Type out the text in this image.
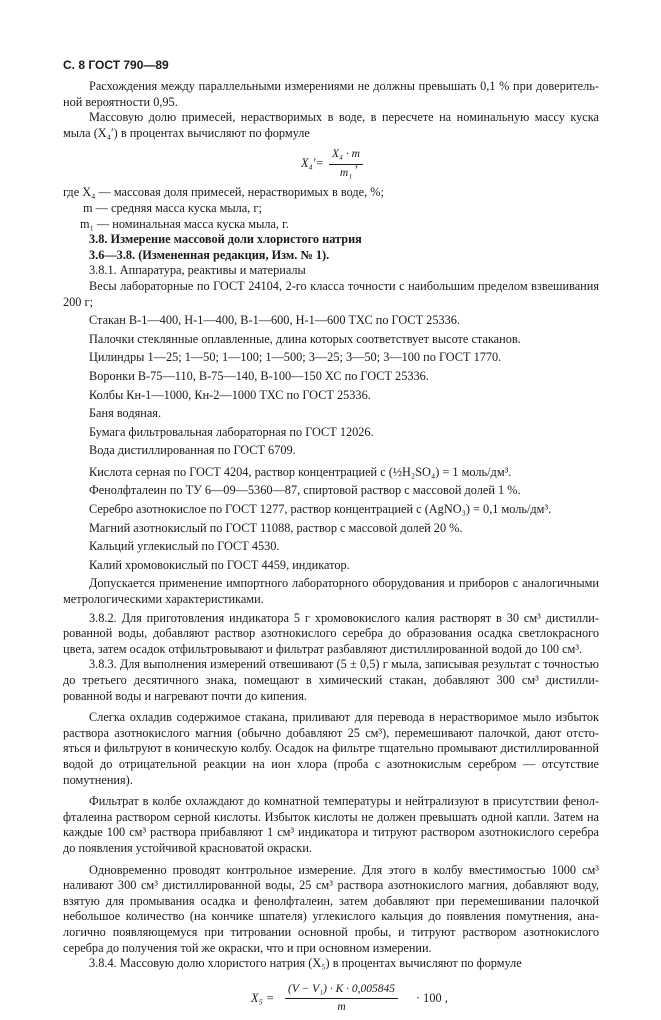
С. 8 ГОСТ 790—89

Расхождения между параллельными измерениями не должны превышать 0,1 % при доверительной вероятности 0,95.

Массовую долю примесей, нерастворимых в воде, в пересчете на номинальную массу куска мыла (X₄′) в процентах вычисляют по формуле

$X_4'= \frac{\text{X₄ · m}}{\text{m₁}}$
,

где X₄ — массовая доля примесей, нерастворимых в воде, %;

m — средняя масса куска мыла, г;

m₁ — номинальная масса куска мыла, г.

3.8. Измерение массовой доли хлористого натрия

3.6—3.8. (Измененная редакция, Изм. № 1).

3.8.1. Аппаратура, реактивы и материалы

Весы лабораторные по ГОСТ 24104, 2-го класса точности с наибольшим пределом взвешивания 200 г;

Стакан В-1—400, Н-1—400, В-1—600, Н-1—600 ТХС по ГОСТ 25336.

Палочки стеклянные оплавленные, длина которых соответствует высоте стаканов.

Цилиндры 1—25; 1—50; 1—100; 1—500; 3—25; 3—50; 3—100 по ГОСТ 1770.

Воронки В-75—110, В-75—140, В-100—150 ХС по ГОСТ 25336.

Колбы Кн-1—1000, Кн-2—1000 ТХС по ГОСТ 25336.

Баня водяная.

Бумага фильтровальная лабораторная по ГОСТ 12026.

Вода дистиллированная по ГОСТ 6709.

Кислота серная по ГОСТ 4204, раствор концентрацией с (½H₂SO₄) = 1 моль/дм³.

Фенолфталеин по ТУ 6—09—5360—87, спиртовой раствор с массовой долей 1 %.

Серебро азотнокислое по ГОСТ 1277, раствор концентрацией с (AgNO₃) = 0,1 моль/дм³.

Магний азотнокислый по ГОСТ 11088, раствор с массовой долей 20 %.

Кальций углекислый по ГОСТ 4530.

Калий хромовокислый по ГОСТ 4459, индикатор.

Допускается применение импортного лабораторного оборудования и приборов с аналогичными метрологическими характеристиками.

3.8.2. Для приготовления индикатора 5 г хромовокислого калия растворят в 30 см³ дистиллированной воды, добавляют раствор азотнокислого серебра до образования осадка светлокрасного цвета, затем осадок отфильтровывают и фильтрат разбавляют дистиллированной водой до 100 см³.

3.8.3. Для выполнения измерений отвешивают (5 ± 0,5) г мыла, записывая результат с точностью до третьего десятичного знака, помещают в химический стакан, добавляют 300 см³ дистиллированной воды и нагревают почти до кипения.

Слегка охладив содержимое стакана, приливают для перевода в нерастворимое мыло избыток раствора азотнокислого магния (обычно добавляют 25 см³), перемешивают палочкой, дают отстояться и фильтруют в коническую колбу. Осадок на фильтре тщательно промывают дистиллированной водой до отрицательной реакции на ион хлора (проба с азотнокислым серебром — отсутствие помутнения).

Фильтрат в колбе охлаждают до комнатной температуры и нейтрализуют в присутствии фенолфталеина раствором серной кислоты. Избыток кислоты не должен превышать одной капли. Затем на каждые 100 см³ раствора прибавляют 1 см³ индикатора и титруют раствором азотнокислого серебра до появления устойчивой красноватой окраски.

Одновременно проводят контрольное измерение. Для этого в колбу вместимостью 1000 см³ наливают 300 см³ дистиллированной воды, 25 см³ раствора азотнокислого магния, добавляют воду, взятую для промывания осадка и фенолфталеин, затем добавляют при перемешивании палочкой небольшое количество (на кончике шпателя) углекислого кальция до появления помутнения, аналогично появляющемуся при титровании основной пробы, и титруют раствором азотнокислого серебра до получения той же окраски, что и при основном измерении.

3.8.4. Массовую долю хлористого натрия (X₅) в процентах вычисляют по формуле

$X_5 = \frac{\text{(V − V₁) · K · 0,005845}}{m} \cdot 100$ ,
